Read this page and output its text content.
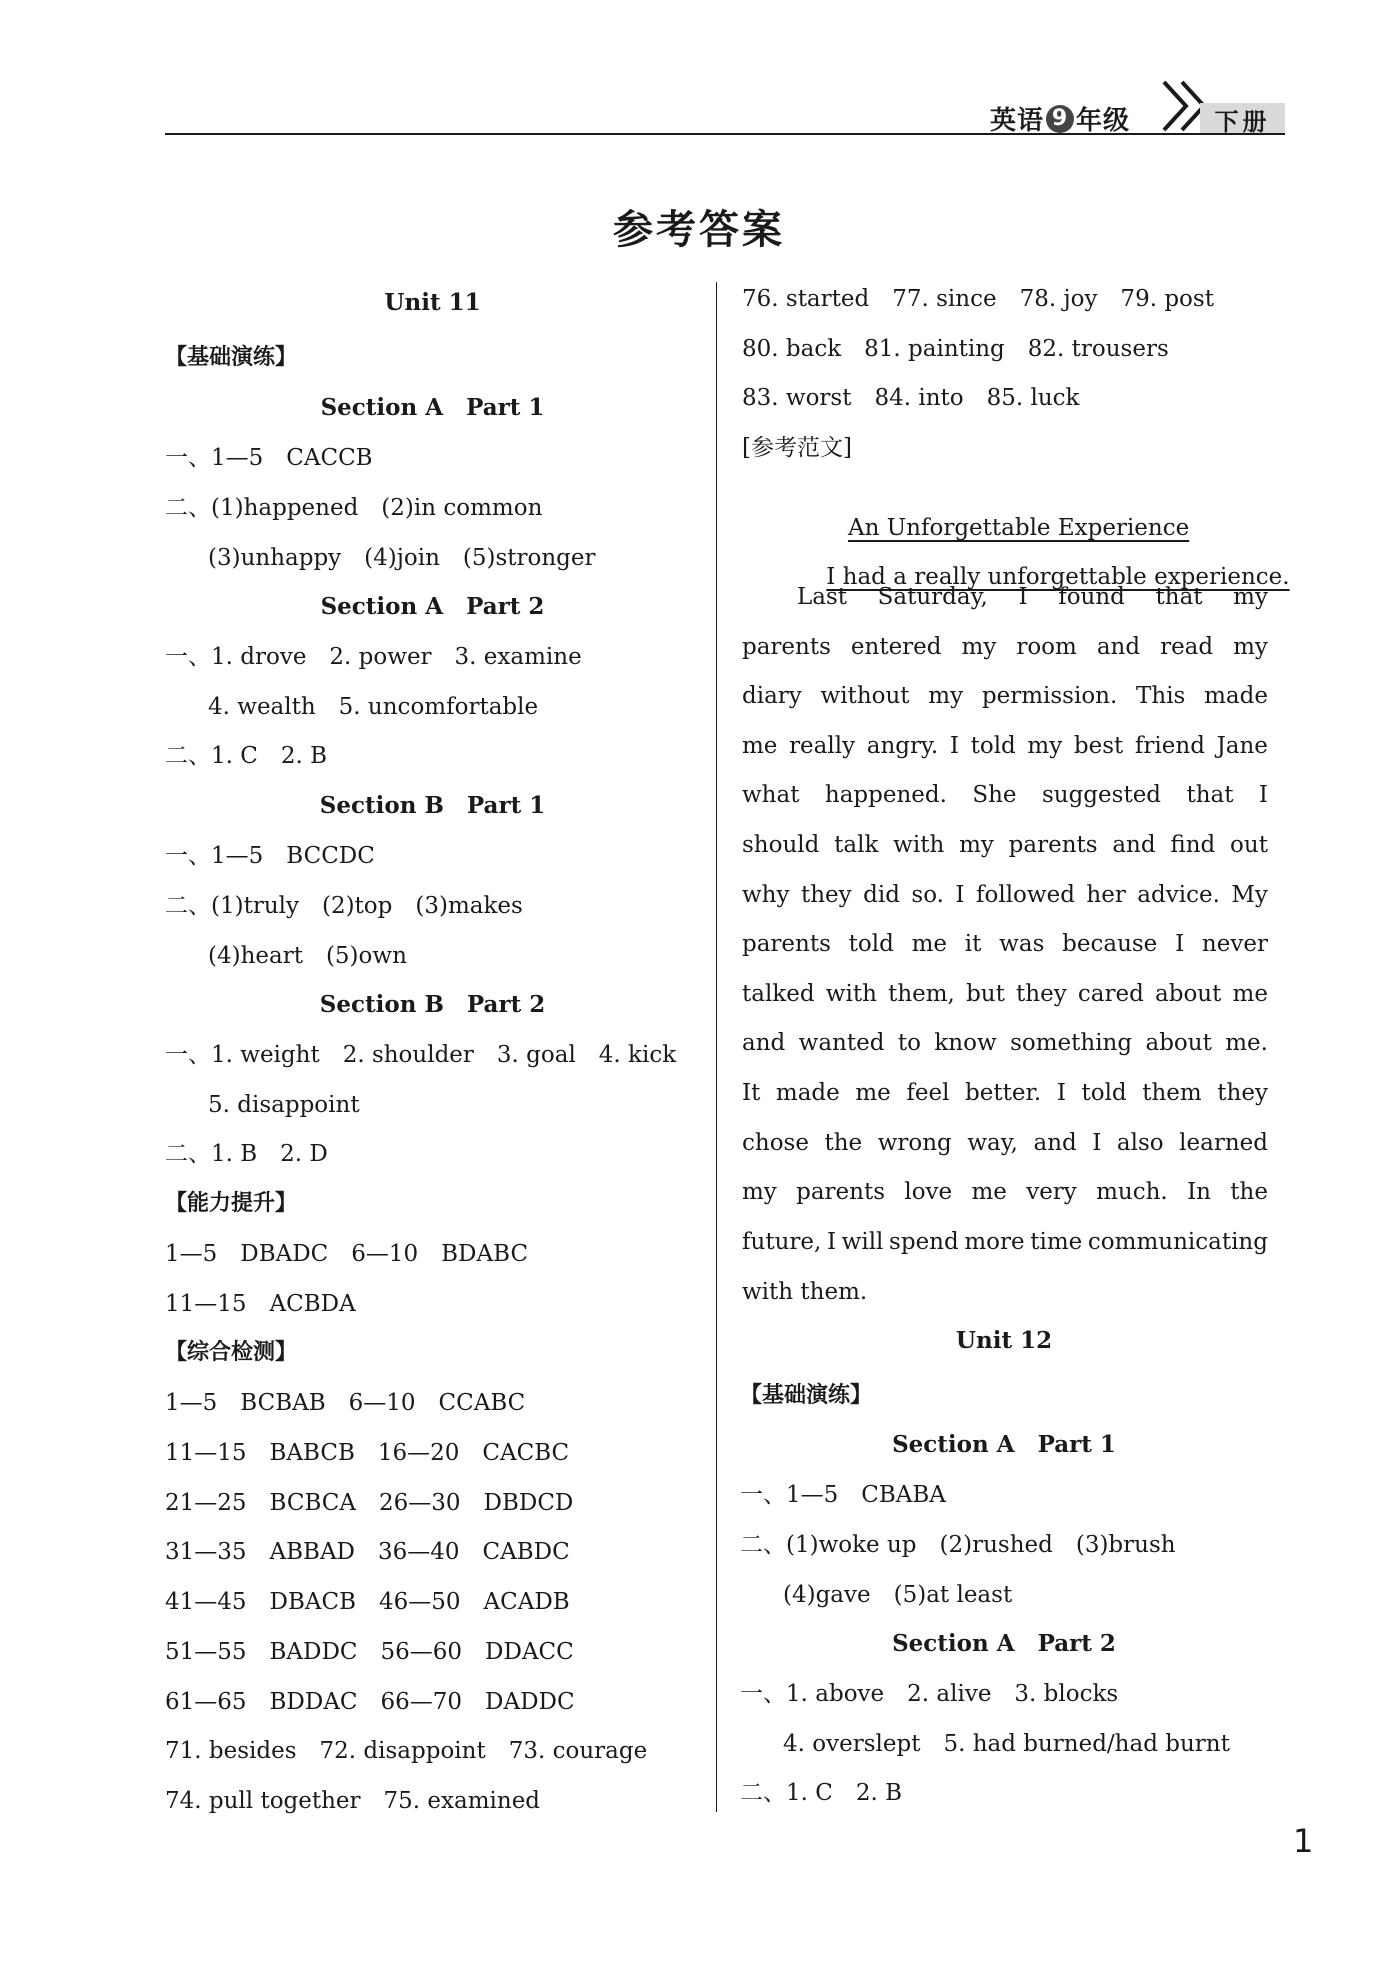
英语 9 年级	下册
参考答案
Unit 11
【基础演练】
Section A　Part 1
一、1—5　CACCB
二、(1)happened　(2)in common
(3)unhappy　(4)join　(5)stronger
Section A　Part 2
一、1. drove　2. power　3. examine
4. wealth　5. uncomfortable
二、1. C　2. B
Section B　Part 1
一、1—5　BCCDC
二、(1)truly　(2)top　(3)makes
(4)heart　(5)own
Section B　Part 2
一、1. weight　2. shoulder　3. goal　4. kick
5. disappoint
二、1. B　2. D
【能力提升】
1—5　DBADC　6—10　BDABC
11—15　ACBDA
【综合检测】
1—5　BCBAB　6—10　CCABC
11—15　BABCB　16—20　CACBC
21—25　BCBCA　26—30　DBDCD
31—35　ABBAD　36—40　CABDC
41—45　DBACB　46—50　ACADB
51—55　BADDC　56—60　DDACC
61—65　BDDAC　66—70　DADDC
71. besides　72. disappoint　73. courage
74. pull together　75. examined
76. started　77. since　78. joy　79. post
80. back　81. painting　82. trousers
83. worst　84. into　85. luck
[参考范文]

An Unforgettable Experience

I had a really unforgettable experience.

Last Saturday, I found that my
parents entered my room and read my
diary without my permission. This made
me really angry. I told my best friend Jane
what happened. She suggested that I
should talk with my parents and find out
why they did so. I followed her advice. My
parents told me it was because I never
talked with them, but they cared about me
and wanted to know something about me.
It made me feel better. I told them they
chose the wrong way, and I also learned
my parents love me very much. In the
future, I will spend more time communicating
with them.
Unit 12
【基础演练】
Section A　Part 1
一、1—5　CBABA
二、(1)woke up　(2)rushed　(3)brush
(4)gave　(5)at least
Section A　Part 2
一、1. above　2. alive　3. blocks
4. overslept　5. had burned/had burnt
二、1. C　2. B
1
